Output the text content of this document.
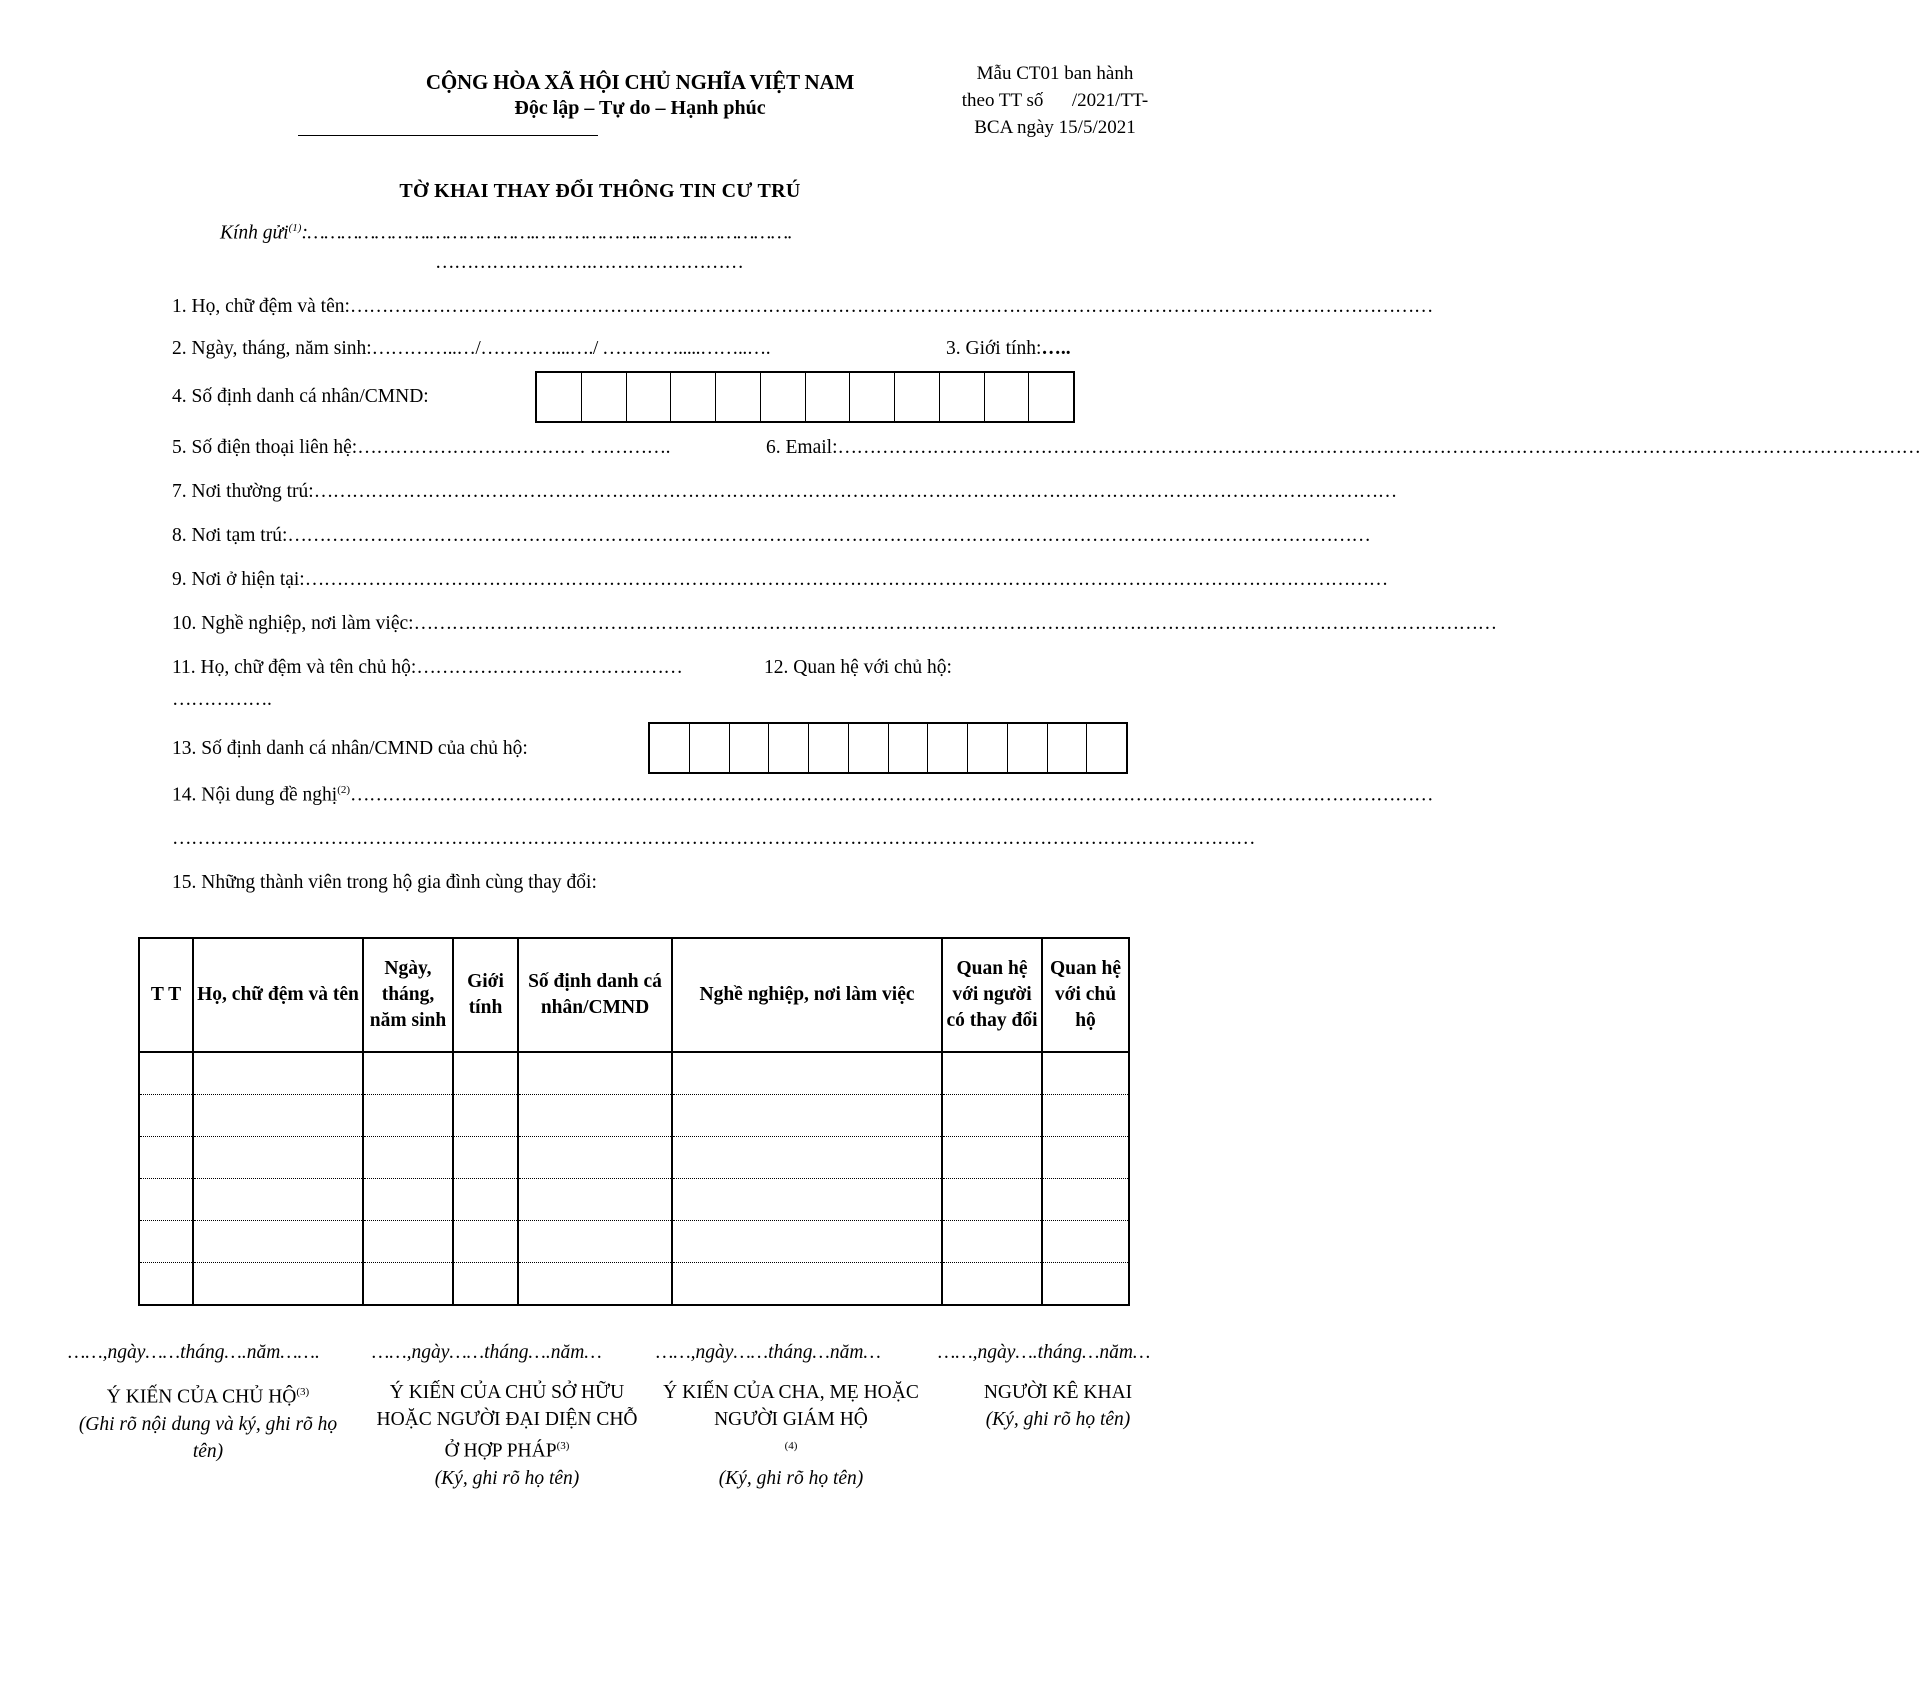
CỘNG HÒA XÃ HỘI CHỦ NGHĨA VIỆT NAM
Độc lập – Tự do – Hạnh phúc
Mẫu CT01 ban hành
theo TT số      /2021/TT-
BCA ngày 15/5/2021
TỜ KHAI THAY ĐỔI THÔNG TIN CƯ TRÚ
Kính gửi$^{(1)}$:………………….……………….……………………………………….
…………………….……………………
1. Họ, chữ đệm và tên:………………………………………………………………………………………………………………………………………………………
2. Ngày, tháng, năm sinh:…………..…/…………...…./ ………….....……..….	3. Giới tính:…..
4. Số định danh cá nhân/CMND:
5. Số điện thoại liên hệ:……………………………… ………….	6. Email:………………………………………………………………………………………………………………………………………………………
7. Nơi thường trú:………………………………………………………………………………………………………………………………………………………
8. Nơi tạm trú:………………………………………………………………………………………………………………………………………………………
9. Nơi ở hiện tại:………………………………………………………………………………………………………………………………………………………
10. Nghề nghiệp, nơi làm việc:………………………………………………………………………………………………………………………………………………………
11. Họ, chữ đệm và tên chủ hộ:……………………………………	12. Quan hệ với chủ hộ:
…………….
13. Số định danh cá nhân/CMND của chủ hộ:
14. Nội dung đề nghị$^{(2)}$………………………………………………………………………………………………………………………………………………………
………………………………………………………………………………………………………………………………………………………
15. Những thành viên trong hộ gia đình cùng thay đổi:
T T	Họ, chữ đệm và tên	Ngày, tháng, năm sinh	Giới tính	Số định danh cá nhân/CMND	Nghề nghiệp, nơi làm việc	Quan hệ với người có thay đổi	Quan hệ với chủ hộ

……,ngày……tháng….năm…….
Ý KIẾN CỦA CHỦ HỘ$^{(3)}$
(Ghi rõ nội dung và ký, ghi rõ họ tên)
……,ngày……tháng….năm…
Ý KIẾN CỦA CHỦ SỞ HỮU HOẶC NGƯỜI ĐẠI DIỆN CHỖ Ở HỢP PHÁP$^{(3)}$
(Ký, ghi rõ họ tên)
……,ngày……tháng…năm…
Ý KIẾN CỦA CHA, MẸ HOẶC NGƯỜI GIÁM HỘ
$^{(4)}$
(Ký, ghi rõ họ tên)
……,ngày….tháng…năm…
NGƯỜI KÊ KHAI
(Ký, ghi rõ họ tên)
